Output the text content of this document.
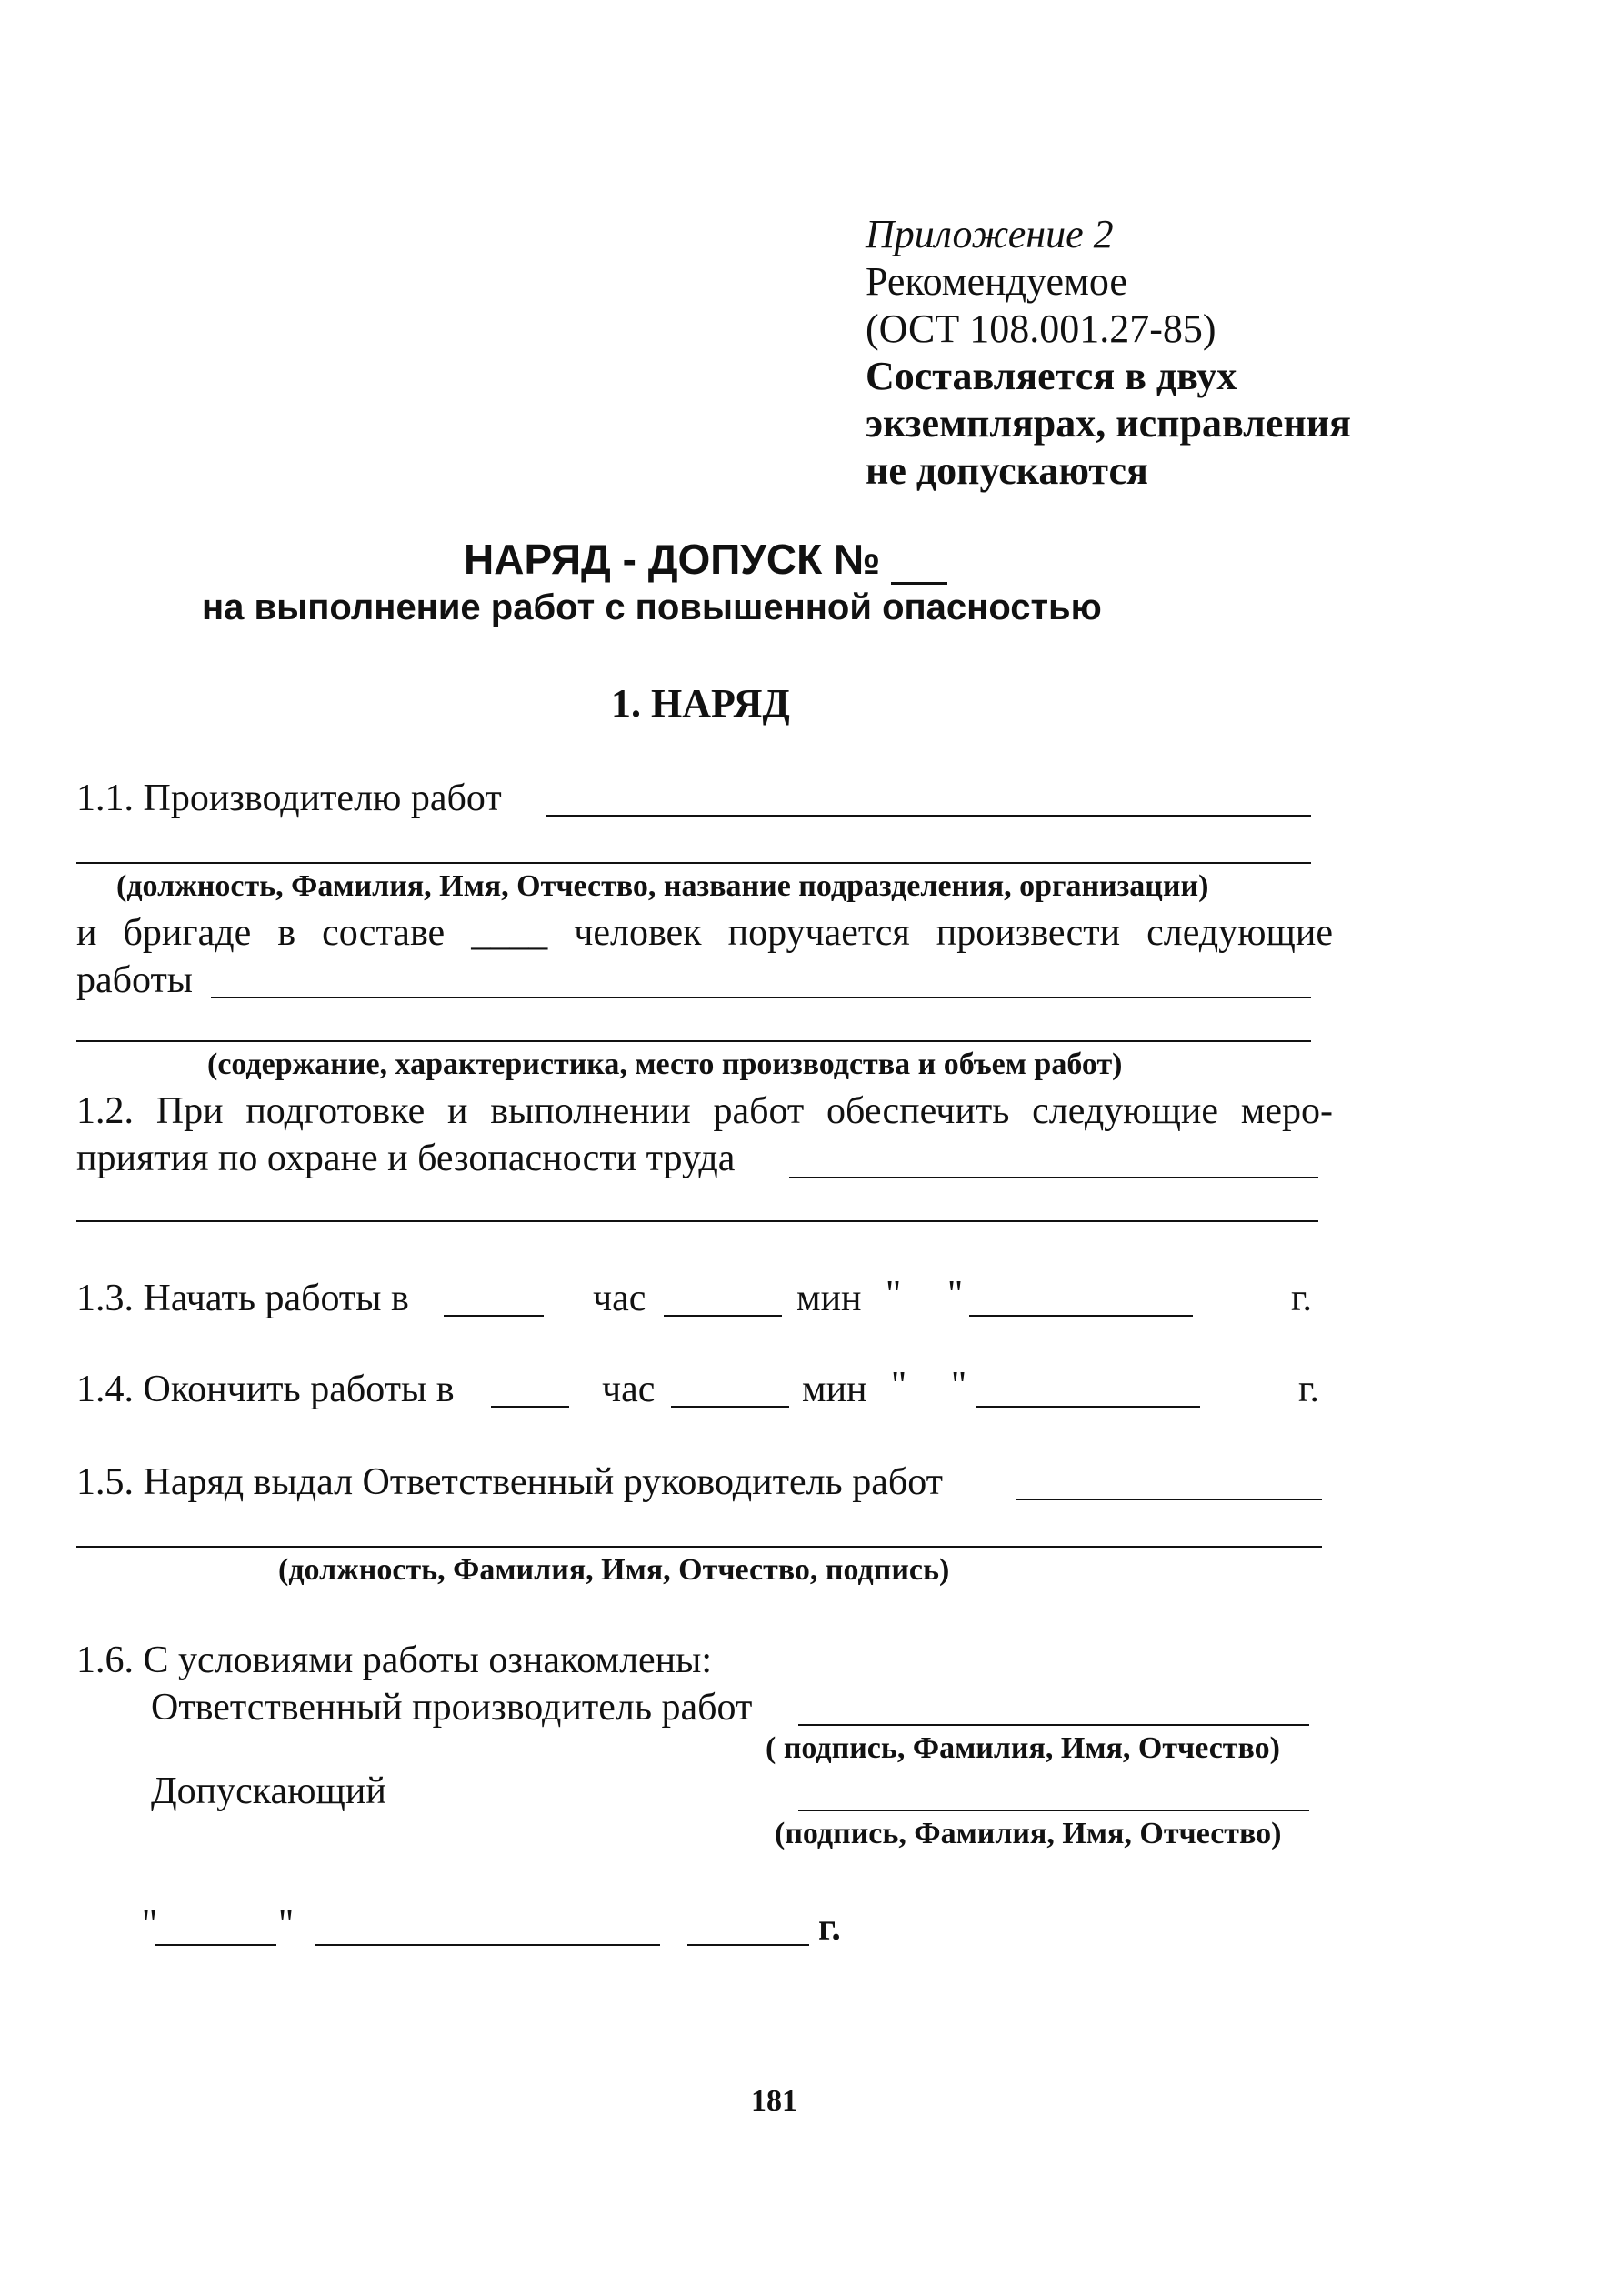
Приложение 2
Рекомендуемое
(ОСТ 108.001.27-85)
Составляется в двух
экземплярах, исправления
не допускаются
НАРЯД - ДОПУСК №
на выполнение работ с повышенной опасностью
1. НАРЯД
1.1. Производителю работ
(должность, Фамилия, Имя, Отчество, название подразделения, организации)
и бригаде в составе ____ человек поручается произвести следующие
работы
(содержание, характеристика, место производства и объем работ)
1.2. При подготовке и выполнении работ обеспечить следующие меро-
приятия по охране и безопасности труда
1.3. Начать работы в	час	мин " "	г.
1.4. Окончить работы в	час	мин " "	г.
1.5. Наряд выдал Ответственный руководитель работ
(должность, Фамилия, Имя, Отчество, подпись)
1.6. С условиями работы ознакомлены:
Ответственный производитель работ
( подпись, Фамилия, Имя, Отчество)
Допускающий
(подпись, Фамилия, Имя, Отчество)
"	"	г.
181
